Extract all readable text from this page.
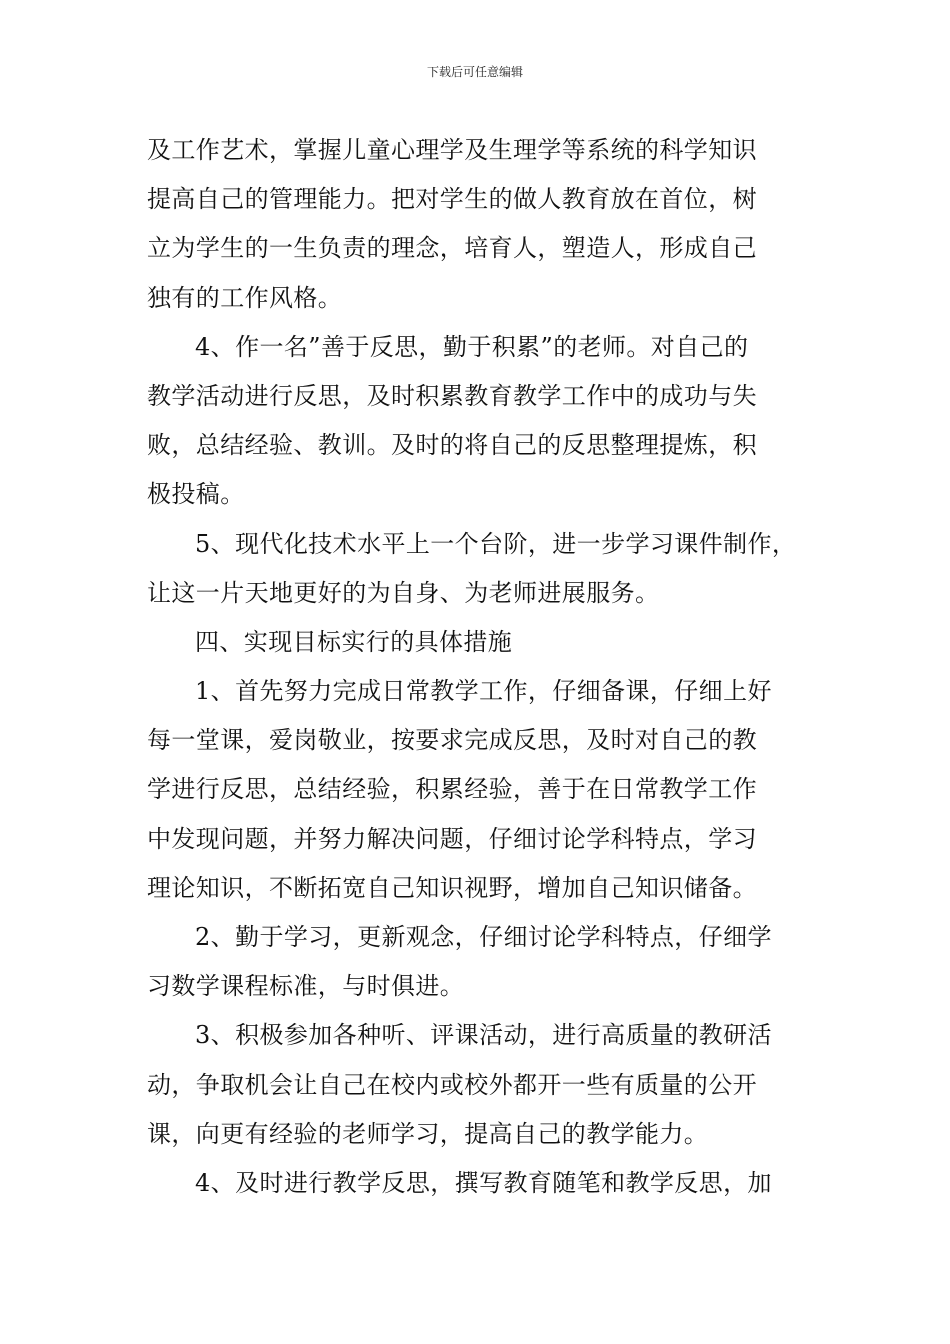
下载后可任意编辑
及工作艺术，掌握儿童心理学及生理学等系统的科学知识
提高自己的管理能力。把对学生的做人教育放在首位，树
立为学生的一生负责的理念，培育人，塑造人，形成自己
独有的工作风格。
4、作一名”善于反思，勤于积累”的老师。对自己的
教学活动进行反思，及时积累教育教学工作中的成功与失
败，总结经验、教训。及时的将自己的反思整理提炼，积
极投稿。
5、现代化技术水平上一个台阶，进一步学习课件制作，
让这一片天地更好的为自身、为老师进展服务。
四、实现目标实行的具体措施
1、首先努力完成日常教学工作，仔细备课，仔细上好
每一堂课，爱岗敬业，按要求完成反思，及时对自己的教
学进行反思，总结经验，积累经验，善于在日常教学工作
中发现问题，并努力解决问题，仔细讨论学科特点，学习
理论知识，不断拓宽自己知识视野，增加自己知识储备。
2、勤于学习，更新观念，仔细讨论学科特点，仔细学
习数学课程标准，与时俱进。
3、积极参加各种听、评课活动，进行高质量的教研活
动，争取机会让自己在校内或校外都开一些有质量的公开
课，向更有经验的老师学习，提高自己的教学能力。
4、及时进行教学反思，撰写教育随笔和教学反思，加
